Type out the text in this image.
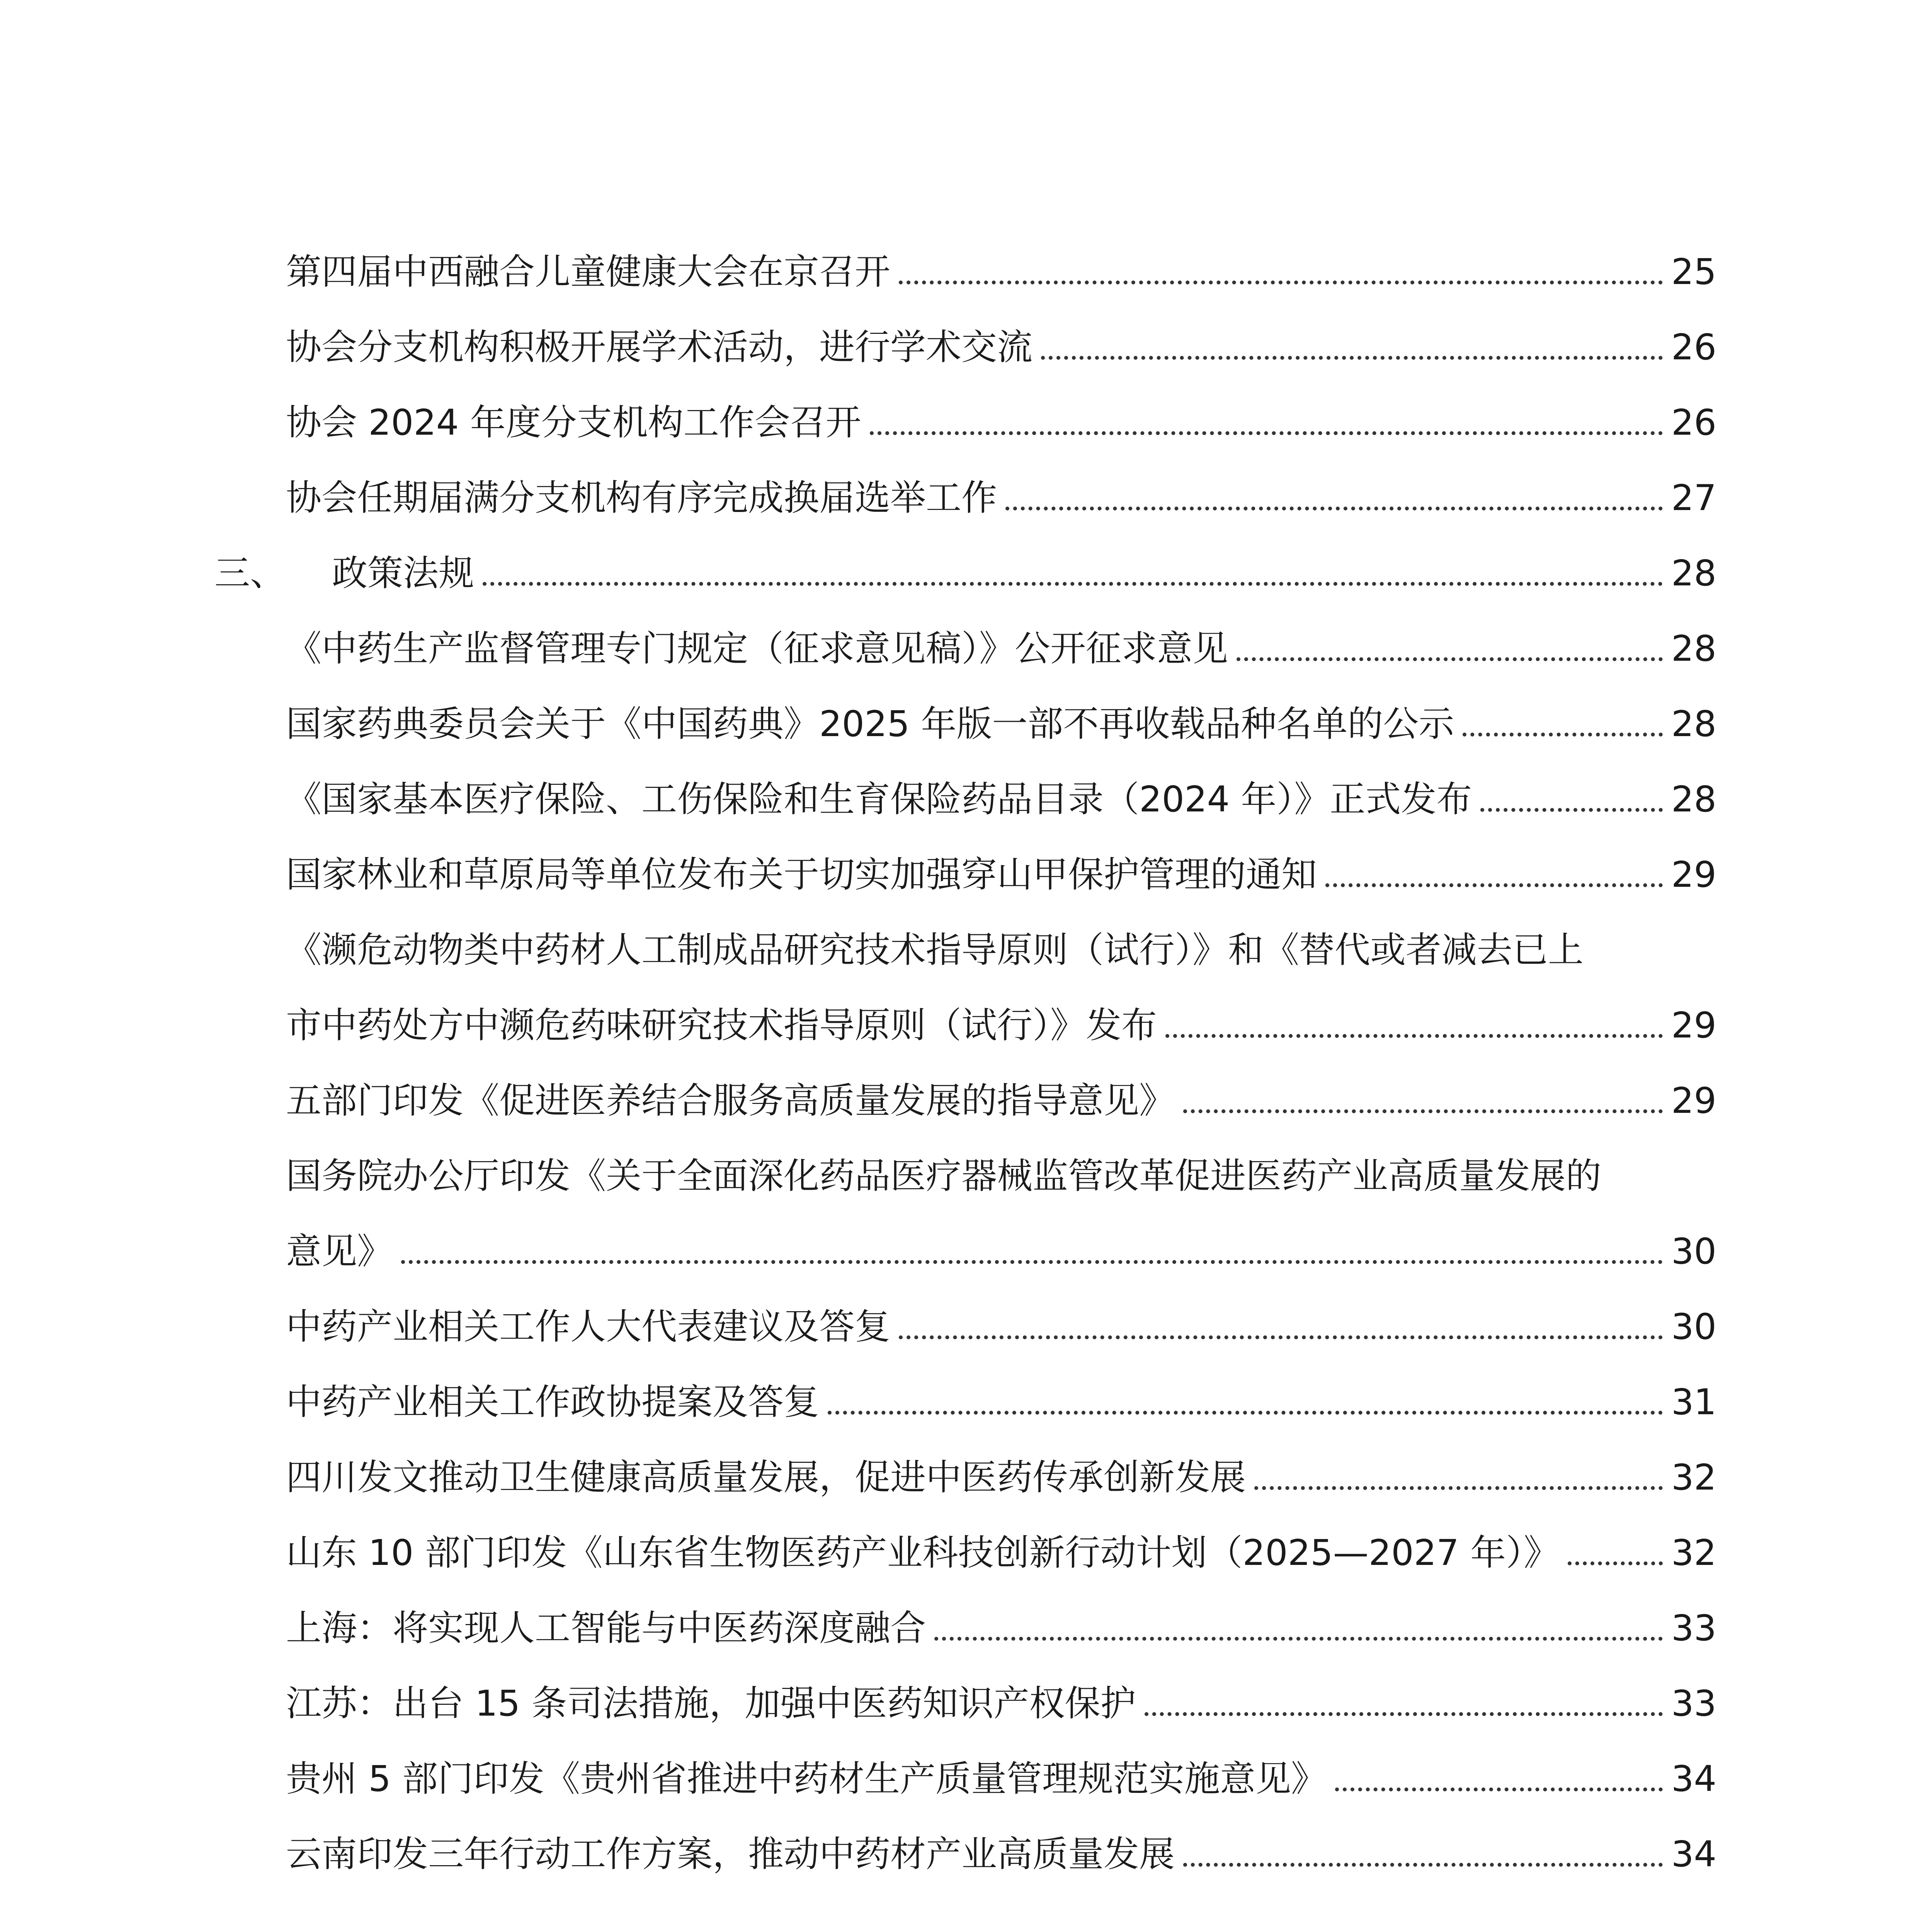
第四届中西融合儿童健康大会在京召开	25
协会分支机构积极开展学术活动，进行学术交流	26
协会 2024 年度分支机构工作会召开	26
协会任期届满分支机构有序完成换届选举工作	27
三、 政策法规	28
《中药生产监督管理专门规定（征求意见稿）》公开征求意见	28
国家药典委员会关于《中国药典》2025 年版一部不再收载品种名单的公示	28
《国家基本医疗保险、工伤保险和生育保险药品目录（2024 年）》正式发布	28
国家林业和草原局等单位发布关于切实加强穿山甲保护管理的通知	29
《濒危动物类中药材人工制成品研究技术指导原则（试行）》和《替代或者减去已上
市中药处方中濒危药味研究技术指导原则（试行）》发布	29
五部门印发《促进医养结合服务高质量发展的指导意见》	29
国务院办公厅印发《关于全面深化药品医疗器械监管改革促进医药产业高质量发展的
意见》	30
中药产业相关工作人大代表建议及答复	30
中药产业相关工作政协提案及答复	31
四川发文推动卫生健康高质量发展，促进中医药传承创新发展	32
山东 10 部门印发《山东省生物医药产业科技创新行动计划（2025—2027 年）》	32
上海：将实现人工智能与中医药深度融合	33
江苏：出台 15 条司法措施，加强中医药知识产权保护	33
贵州 5 部门印发《贵州省推进中药材生产质量管理规范实施意见》	34
云南印发三年行动工作方案，推动中药材产业高质量发展	34
